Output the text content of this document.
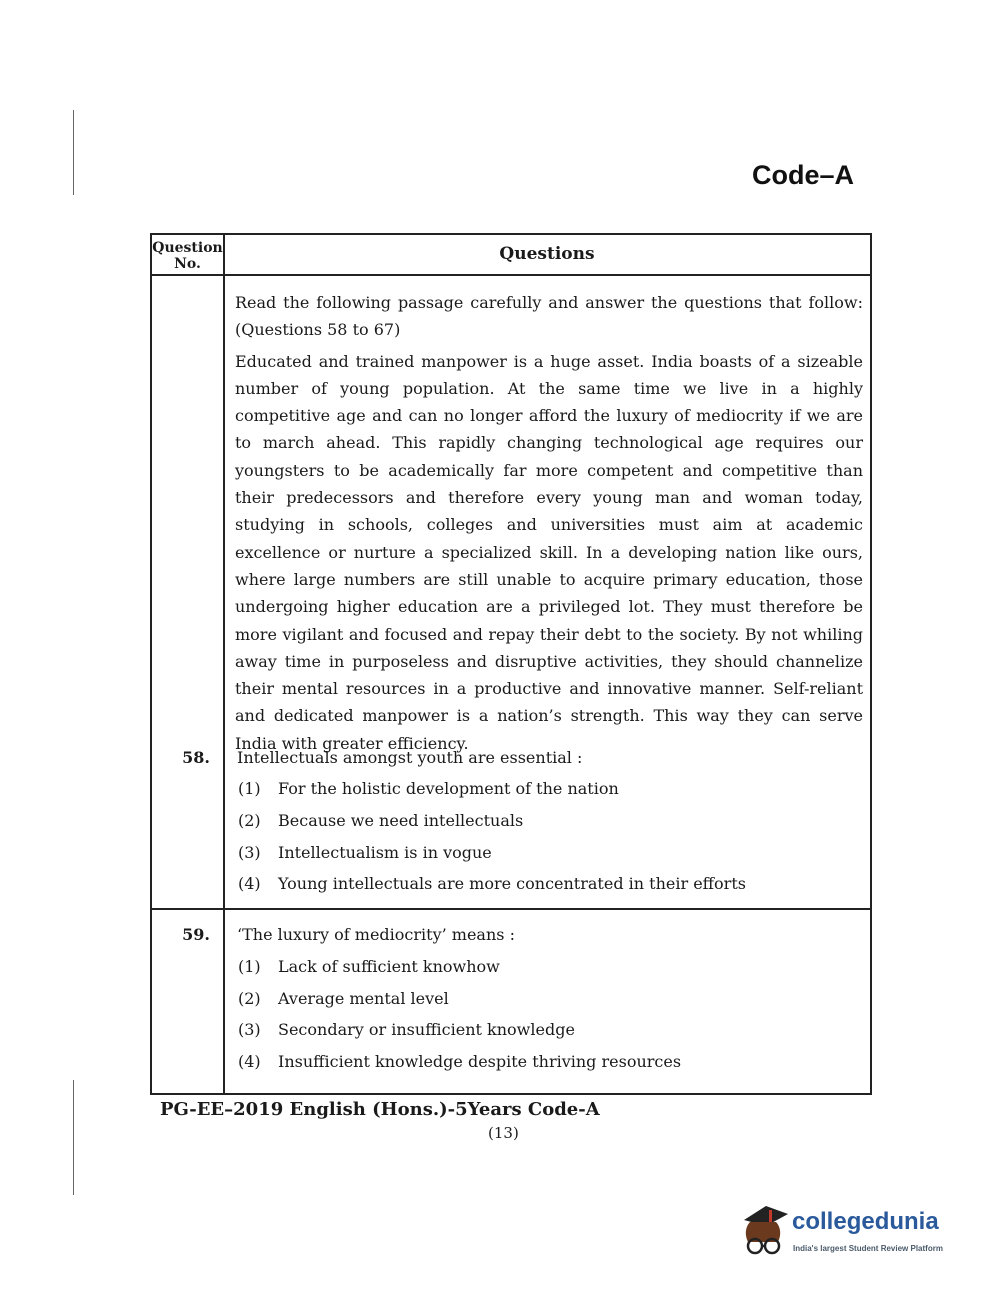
Code–A
Question No.	Questions

Read the following passage carefully and answer the questions that follow: (Questions 58 to 67)

Educated and trained manpower is a huge asset. India boasts of a sizeable number of young population. At the same time we live in a highly competitive age and can no longer afford the luxury of mediocrity if we are to march ahead. This rapidly changing technological age requires our youngsters to be academically far more competent and competitive than their predecessors and therefore every young man and woman today, studying in schools, colleges and universities must aim at academic excellence or nurture a specialized skill. In a developing nation like ours, where large numbers are still unable to acquire primary education, those undergoing higher education are a privileged lot. They must therefore be more vigilant and focused and repay their debt to the society. By not whiling away time in purposeless and disruptive activities, they should channelize their mental resources in a productive and innovative manner. Self-reliant and dedicated manpower is a nation’s strength. This way they can serve India with greater efficiency.

58. Intellectuals amongst youth are essential :
(1) For the holistic development of the nation
(2) Because we need intellectuals
(3) Intellectualism is in vogue
(4) Young intellectuals are more concentrated in their efforts
59. ‘The luxury of mediocrity’ means :
(1) Lack of sufficient knowhow
(2) Average mental level
(3) Secondary or insufficient knowledge
(4) Insufficient knowledge despite thriving resources
PG-EE–2019 English (Hons.)-5Years Code-A
(13)
collegedunia
India's largest Student Review Platform
